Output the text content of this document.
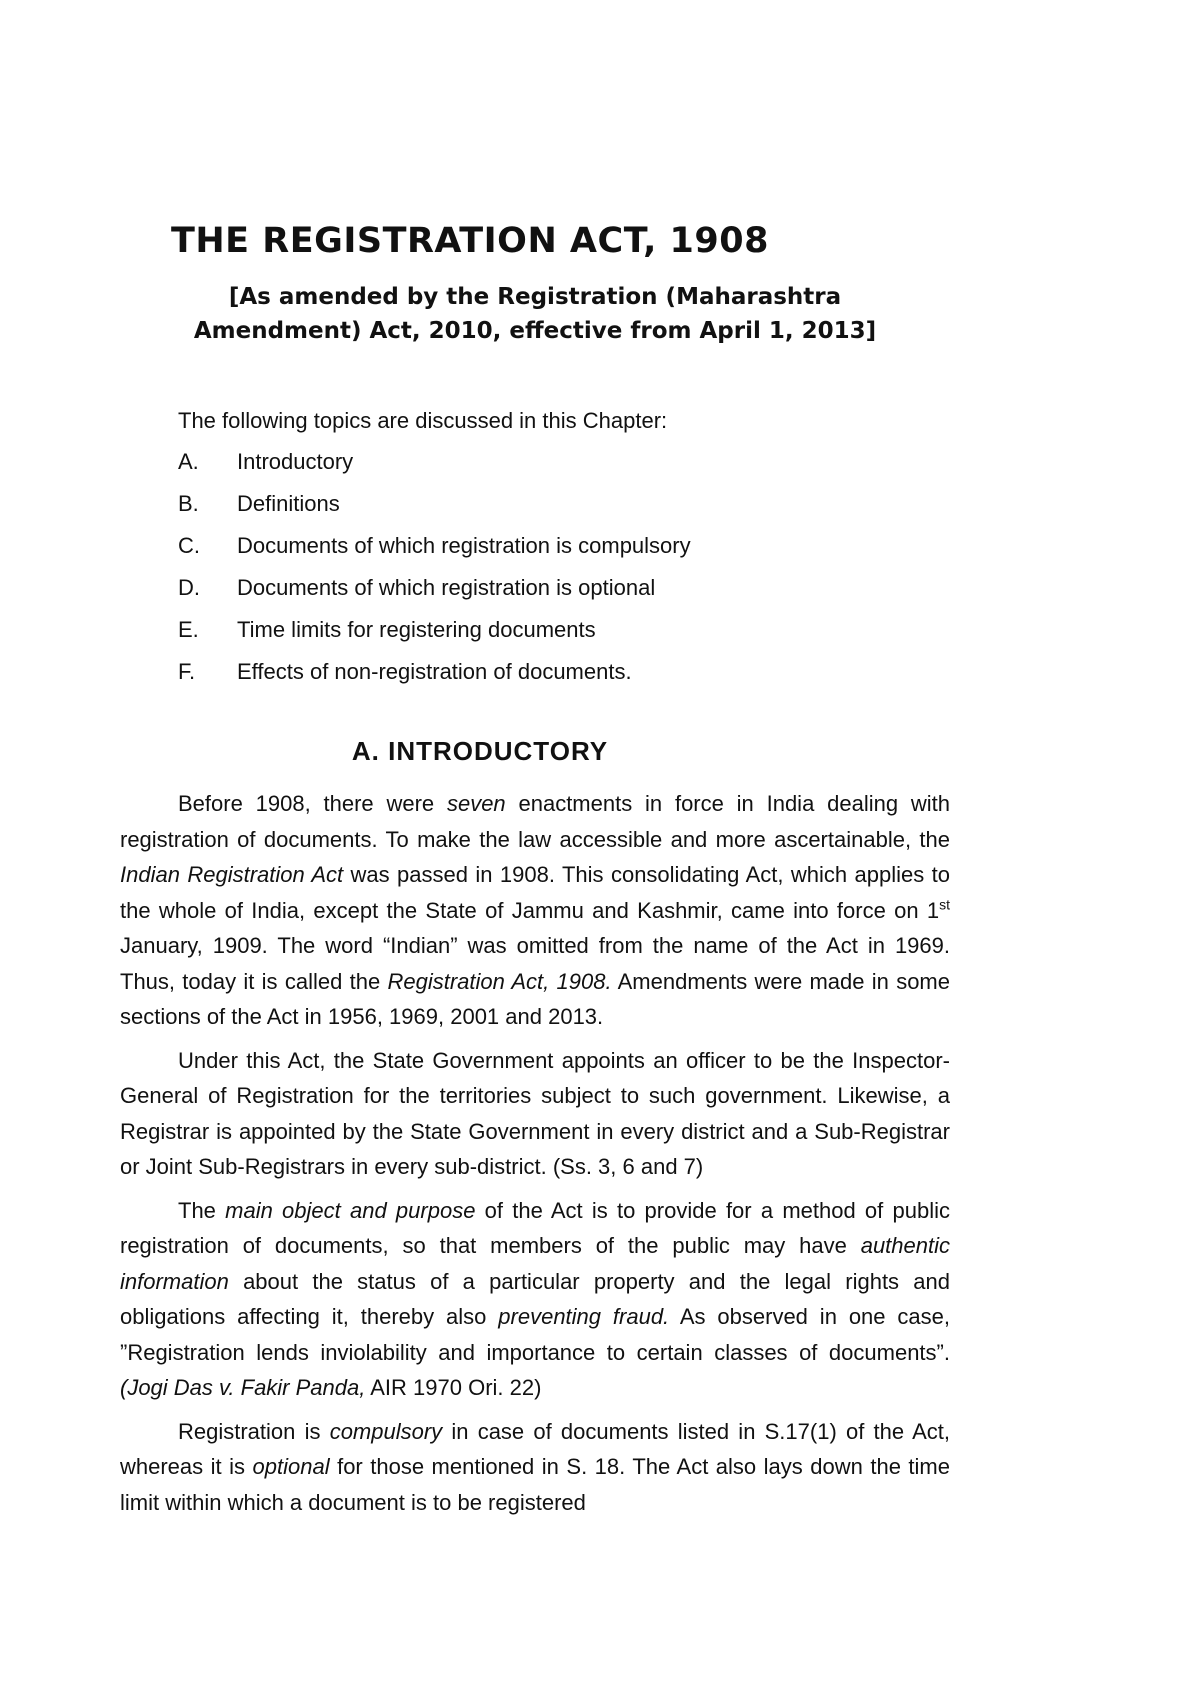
THE REGISTRATION ACT, 1908
[As amended by the Registration (Maharashtra
Amendment) Act, 2010, effective from April 1, 2013]

The following topics are discussed in this Chapter:

A.	Introductory
B.	Definitions
C.	Documents of which registration is compulsory
D.	Documents of which registration is optional
E.	Time limits for registering documents
F.	Effects of non-registration of documents.
A. INTRODUCTORY

Before 1908, there were seven enactments in force in India dealing with registration of documents. To make the law accessible and more ascertainable, the Indian Registration Act was passed in 1908. This consolidating Act, which applies to the whole of India, except the State of Jammu and Kashmir, came into force on 1st January, 1909. The word “Indian” was omitted from the name of the Act in 1969. Thus, today it is called the Registration Act, 1908. Amendments were made in some sections of the Act in 1956, 1969, 2001 and 2013.

Under this Act, the State Government appoints an officer to be the Inspector-General of Registration for the territories subject to such government. Likewise, a Registrar is appointed by the State Government in every district and a Sub-Registrar or Joint Sub-Registrars in every sub-district. (Ss. 3, 6 and 7)

The main object and purpose of the Act is to provide for a method of public registration of documents, so that members of the public may have authentic information about the status of a particular property and the legal rights and obligations affecting it, thereby also preventing fraud. As observed in one case, ”Registration lends inviolability and importance to certain classes of documents”. (Jogi Das v. Fakir Panda, AIR 1970 Ori. 22)

Registration is compulsory in case of documents listed in S.17(1) of the Act, whereas it is optional for those mentioned in S. 18. The Act also lays down the time limit within which a document is to be registered
